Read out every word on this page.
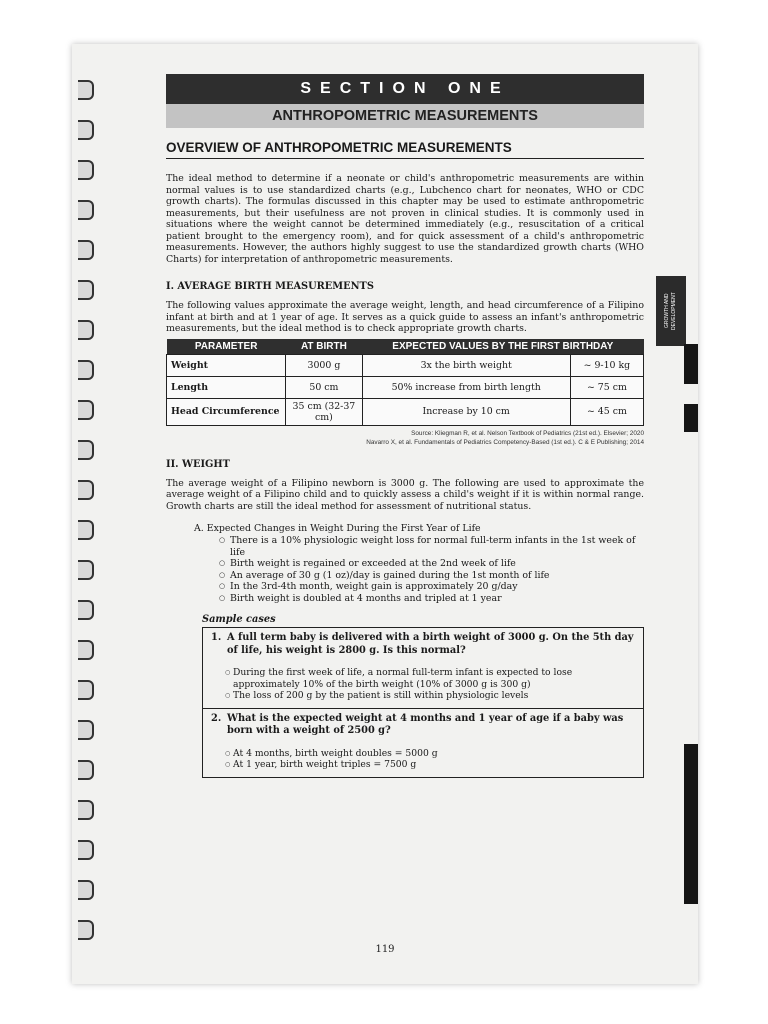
GROWTH AND DEVELOPMENT
SECTION ONE
ANTHROPOMETRIC MEASUREMENTS
OVERVIEW OF ANTHROPOMETRIC MEASUREMENTS

The ideal method to determine if a neonate or child's anthropometric measurements are within normal values is to use standardized charts (e.g., Lubchenco chart for neonates, WHO or CDC growth charts). The formulas discussed in this chapter may be used to estimate anthropometric measurements, but their usefulness are not proven in clinical studies. It is commonly used in situations where the weight cannot be determined immediately (e.g., resuscitation of a critical patient brought to the emergency room), and for quick assessment of a child's anthropometric measurements. However, the authors highly suggest to use the standardized growth charts (WHO Charts) for interpretation of anthropometric measurements.

I. AVERAGE BIRTH MEASUREMENTS

The following values approximate the average weight, length, and head circumference of a Filipino infant at birth and at 1 year of age. It serves as a quick guide to assess an infant's anthropometric measurements, but the ideal method is to check appropriate growth charts.

PARAMETER	AT BIRTH	EXPECTED VALUES BY THE FIRST BIRTHDAY	
Weight	3000 g	3x the birth weight	~ 9-10 kg
Length	50 cm	50% increase from birth length	~ 75 cm
Head Circumference	35 cm (32-37 cm)	Increase by 10 cm	~ 45 cm
Source: Kliegman R, et al. Nelson Textbook of Pediatrics (21st ed.). Elsevier; 2020
Navarro X, et al. Fundamentals of Pediatrics Competency-Based (1st ed.). C & E Publishing; 2014
II. WEIGHT

The average weight of a Filipino newborn is 3000 g. The following are used to approximate the average weight of a Filipino child and to quickly assess a child's weight if it is within normal range. Growth charts are still the ideal method for assessment of nutritional status.

A. Expected Changes in Weight During the First Year of Life
○ There is a 10% physiologic weight loss for normal full-term infants in the 1st week of life
○ Birth weight is regained or exceeded at the 2nd week of life
○ An average of 30 g (1 oz)/day is gained during the 1st month of life
○ In the 3rd-4th month, weight gain is approximately 20 g/day
○ Birth weight is doubled at 4 months and tripled at 1 year
Sample cases
1. A full term baby is delivered with a birth weight of 3000 g. On the 5th day of life, his weight is 2800 g. Is this normal?
○ During the first week of life, a normal full-term infant is expected to lose approximately 10% of the birth weight (10% of 3000 g is 300 g)
○ The loss of 200 g by the patient is still within physiologic levels
2. What is the expected weight at 4 months and 1 year of age if a baby was born with a weight of 2500 g?
○ At 4 months, birth weight doubles = 5000 g
○ At 1 year, birth weight triples = 7500 g
119
